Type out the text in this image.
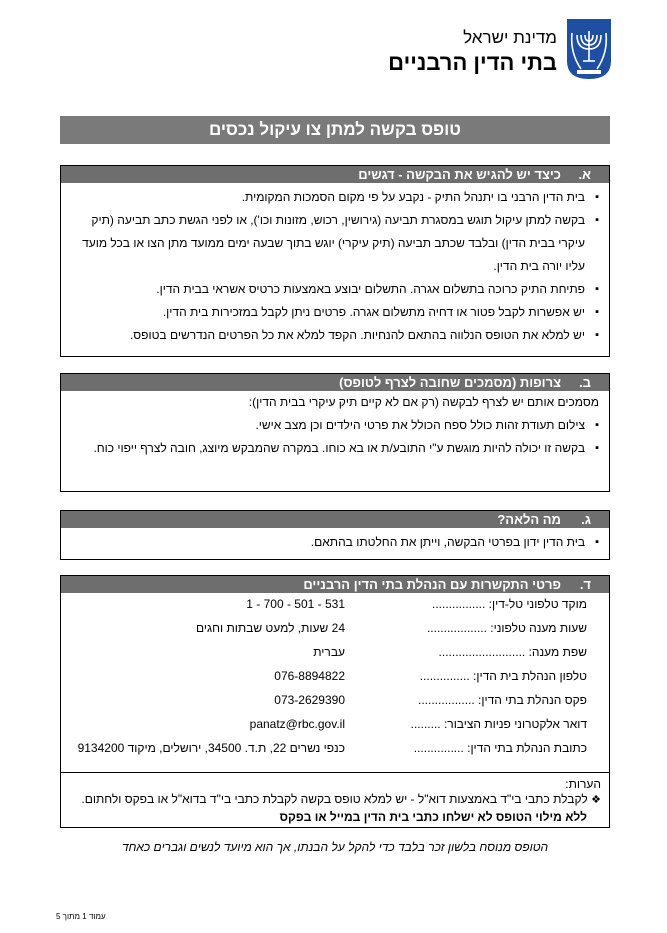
מדינת ישראל
בתי הדין הרבניים
טופס בקשה למתן צו עיקול נכסים
א.
כיצד יש להגיש את הבקשה - דגשים
▪ בית הדין הרבני בו יתנהל התיק - נקבע על פי מקום הסמכות המקומית.
▪ בקשה למתן עיקול תוגש במסגרת תביעה (גירושין, רכוש, מזונות וכו'), או לפני הגשת כתב תביעה (תיק עיקרי בבית הדין) ובלבד שכתב תביעה (תיק עיקרי) יוגש בתוך שבעה ימים ממועד מתן הצו או בכל מועד עליו יורה בית הדין.
▪ פתיחת התיק כרוכה בתשלום אגרה. התשלום יבוצע באמצעות כרטיס אשראי בבית הדין.
▪ יש אפשרות לקבל פטור או דחיה מתשלום אגרה. פרטים ניתן לקבל במזכירות בית הדין.
▪ יש למלא את הטופס הנלווה בהתאם להנחיות. הקפד למלא את כל הפרטים הנדרשים בטופס.
ב.
צרופות (מסמכים שחובה לצרף לטופס)

מסמכים אותם יש לצרף לבקשה (רק אם לא קיים תיק עיקרי בבית הדין):

▪ צילום תעודת זהות כולל ספח הכולל את פרטי הילדים וכן מצב אישי.
▪ בקשה זו יכולה להיות מוגשת ע"י התובע/ת או בא כוחו. במקרה שהמבקש מיוצג, חובה לצרף ייפוי כוח.
ג.
מה הלאה?
▪ בית הדין ידון בפרטי הבקשה, וייתן את החלטתו בהתאם.
ד.
פרטי התקשרות עם הנהלת בתי הדין הרבניים
מוקד טלפוני טל-דין: ................
1 - 700 - 501 - 531
שעות מענה טלפוני: ..................
24 שעות, למעט שבתות וחגים
שפת מענה: ..........................
עברית
טלפון הנהלת בית הדין: ...............
076-8894822
פקס הנהלת בתי הדין: .................
073-2629390
דואר אלקטרוני פניות הציבור: .........
panatz@rbc.gov.il
כתובת הנהלת בתי הדין: ...............
כנפי נשרים 22, ת.ד. 34500, ירושלים, מיקוד 9134200
הערות:
❖ לקבלת כתבי בי"ד באמצעות דוא"ל - יש למלא טופס בקשה לקבלת כתבי בי"ד בדוא"ל או בפקס ולחתום.
ללא מילוי הטופס לא ישלחו כתבי בית הדין במייל או בפקס
הטופס מנוסח בלשון זכר בלבד כדי להקל על הבנתו, אך הוא מיועד לנשים וגברים כאחד
עמוד 1 מתוך 5
